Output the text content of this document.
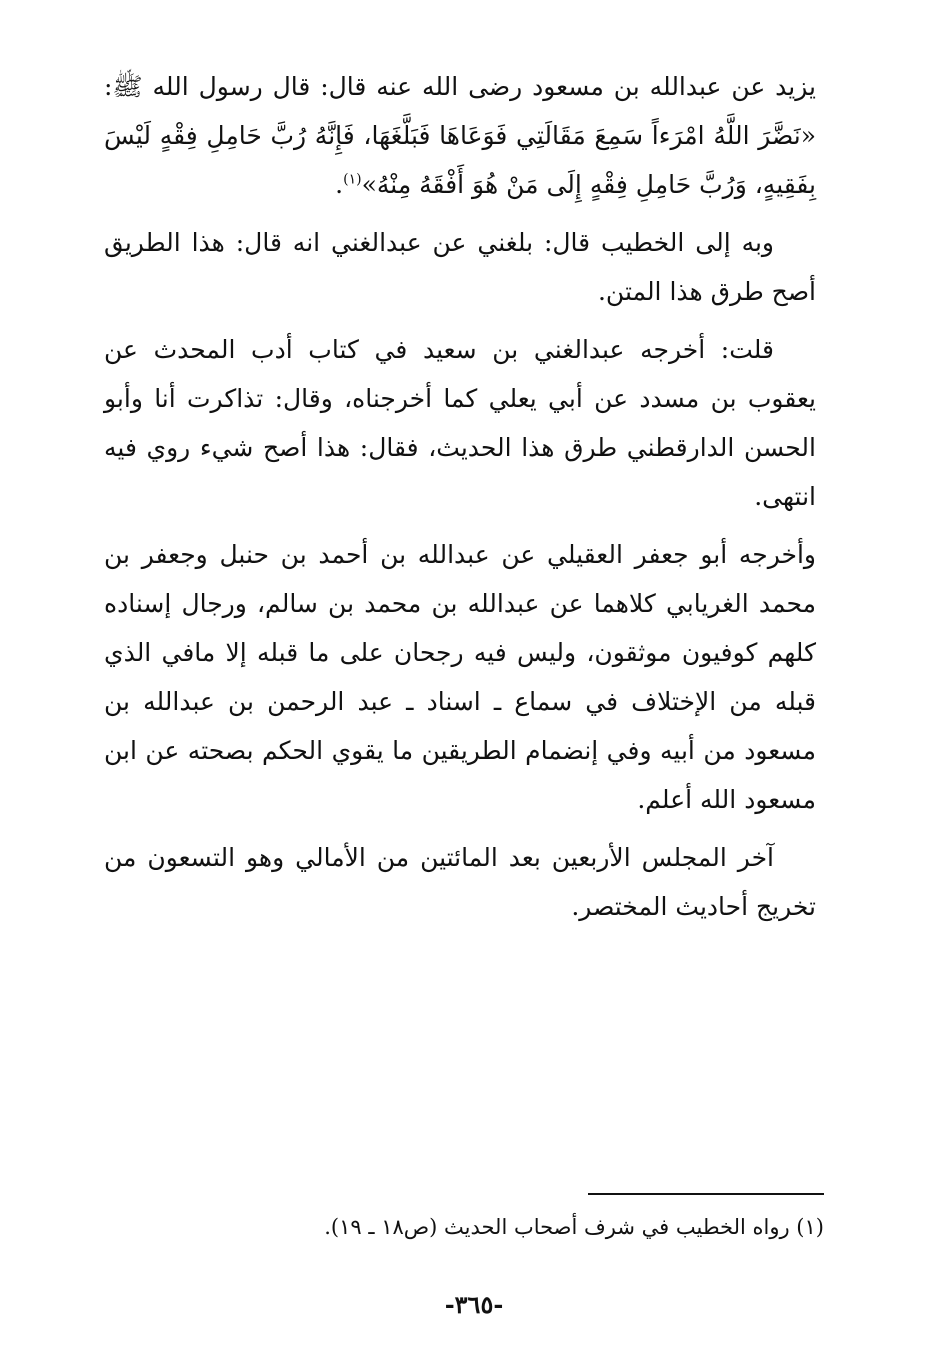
يزيد عن عبدالله بن مسعود رضى الله عنه قال: قال رسول الله ﷺ: «نَضَّرَ اللَّهُ امْرَءاً سَمِعَ مَقَالَتِي فَوَعَاهَا فَبَلَّغَهَا، فَإِنَّهُ رُبَّ حَامِلِ فِقْهٍ لَيْسَ بِفَقِيهٍ، وَرُبَّ حَامِلِ فِقْهٍ إِلَى مَنْ هُوَ أَفْقَهُ مِنْهُ»$^{(١)}$.

وبه إلى الخطيب قال: بلغني عن عبدالغني انه قال: هذا الطريق أصح طرق هذا المتن.

قلت: أخرجه عبدالغني بن سعيد في كتاب أدب المحدث عن يعقوب بن مسدد عن أبي يعلي كما أخرجناه، وقال: تذاكرت أنا وأبو الحسن الدارقطني طرق هذا الحديث، فقال: هذا أصح شيء روي فيه انتهى.

وأخرجه أبو جعفر العقيلي عن عبدالله بن أحمد بن حنبل وجعفر بن محمد الغريابي كلاهما عن عبدالله بن محمد بن سالم، ورجال إسناده كلهم كوفيون موثقون، وليس فيه رجحان على ما قبله إلا مافي الذي قبله من الإختلاف في سماع ـ اسناد ـ عبد الرحمن بن عبدالله بن مسعود من أبيه وفي إنضمام الطريقين ما يقوي الحكم بصحته عن ابن مسعود الله أعلم.

آخر المجلس الأربعين بعد المائتين من الأمالي وهو التسعون من تخريج أحاديث المختصر.

(١) رواه الخطيب في شرف أصحاب الحديث (ص١٨ ـ ١٩).
-٣٦٥-
